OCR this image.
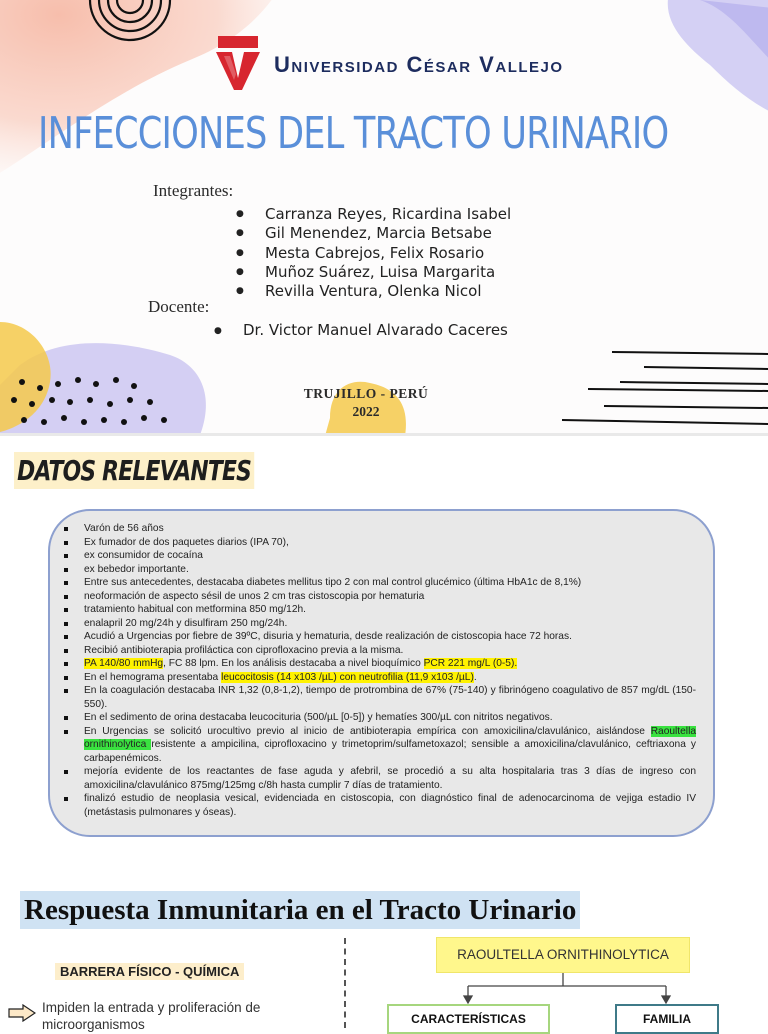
Universidad César Vallejo
INFECCIONES DEL TRACTO URINARIO
Integrantes:
● Carranza Reyes, Ricardina Isabel
● Gil Menendez, Marcia Betsabe
● Mesta Cabrejos, Felix Rosario
● Muñoz Suárez, Luisa Margarita
● Revilla Ventura, Olenka Nicol
Docente:
● Dr. Victor Manuel Alvarado Caceres
TRUJILLO - PERÚ
2022
DATOS RELEVANTES
Varón de 56 años
Ex fumador de dos paquetes diarios (IPA 70),
ex consumidor de cocaína
ex bebedor importante.
Entre sus antecedentes, destacaba diabetes mellitus tipo 2 con mal control glucémico (última HbA1c de 8,1%)
neoformación de aspecto sésil de unos 2 cm tras cistoscopia por hematuria
tratamiento habitual con metformina 850 mg/12h.
enalapril 20 mg/24h y disulfiram 250 mg/24h.
Acudió a Urgencias por fiebre de 39ºC, disuria y hematuria, desde realización de cistoscopia hace 72 horas.
Recibió antibioterapia profiláctica con ciprofloxacino previa a la misma.
PA 140/80 mmHg, FC 88 lpm. En los análisis destacaba a nivel bioquímico PCR 221 mg/L (0-5).
En el hemograma presentaba leucocitosis (14 x103 /µL) con neutrofilia (11,9 x103 /µL).
En la coagulación destacaba INR 1,32 (0,8-1,2), tiempo de protrombina de 67% (75-140) y fibrinógeno coagulativo de 857 mg/dL (150-550).
En el sedimento de orina destacaba leucocituria (500/µL [0-5]) y hematíes 300/µL con nitritos negativos.
En Urgencias se solicitó urocultivo previo al inicio de antibioterapia empírica con amoxicilina/clavulánico, aislándose Raoultella ornithinolytica resistente a ampicilina, ciprofloxacino y trimetoprim/sulfametoxazol; sensible a amoxicilina/clavulánico, ceftriaxona y carbapenémicos.
mejoría evidente de los reactantes de fase aguda y afebril, se procedió a su alta hospitalaria tras 3 días de ingreso con amoxicilina/clavulánico 875mg/125mg c/8h hasta cumplir 7 días de tratamiento.
finalizó estudio de neoplasia vesical, evidenciada en cistoscopia, con diagnóstico final de adenocarcinoma de vejiga estadio IV (metástasis pulmonares y óseas).
Respuesta Inmunitaria en el Tracto Urinario
BARRERA FÍSICO - QUÍMICA
Impiden la entrada y proliferación de microorganismos
RAOULTELLA ORNITHINOLYTICA
CARACTERÍSTICAS	FAMILIA
